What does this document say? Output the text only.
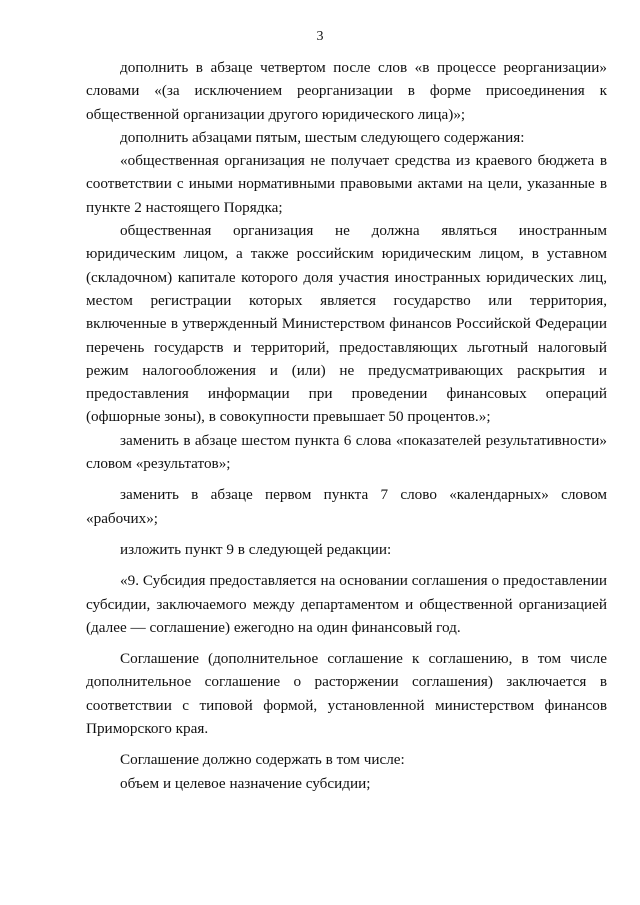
3

дополнить в абзаце четвертом после слов «в процессе реорганизации» словами «(за исключением реорганизации в форме присоединения к общественной организации другого юридического лица)»;

дополнить абзацами пятым, шестым следующего содержания:

«общественная организация не получает средства из краевого бюджета в соответствии с иными нормативными правовыми актами на цели, указанные в пункте 2 настоящего Порядка;

общественная организация не должна являться иностранным юридическим лицом, а также российским юридическим лицом, в уставном (складочном) капитале которого доля участия иностранных юридических лиц, местом регистрации которых является государство или территория, включенные в утвержденный Министерством финансов Российской Федерации перечень государств и территорий, предоставляющих льготный налоговый режим налогообложения и (или) не предусматривающих раскрытия и предоставления информации при проведении финансовых операций (офшорные зоны), в совокупности превышает 50 процентов.»;

заменить в абзаце шестом пункта 6 слова «показателей результативности» словом «результатов»;

заменить в абзаце первом пункта 7 слово «календарных» словом «рабочих»;

изложить пункт 9 в следующей редакции:

«9. Субсидия предоставляется на основании соглашения о предоставлении субсидии, заключаемого между департаментом и общественной организацией (далее — соглашение) ежегодно на один финансовый год.

Соглашение (дополнительное соглашение к соглашению, в том числе дополнительное соглашение о расторжении соглашения) заключается в соответствии с типовой формой, установленной министерством финансов Приморского края.

Соглашение должно содержать в том числе:

объем и целевое назначение субсидии;
